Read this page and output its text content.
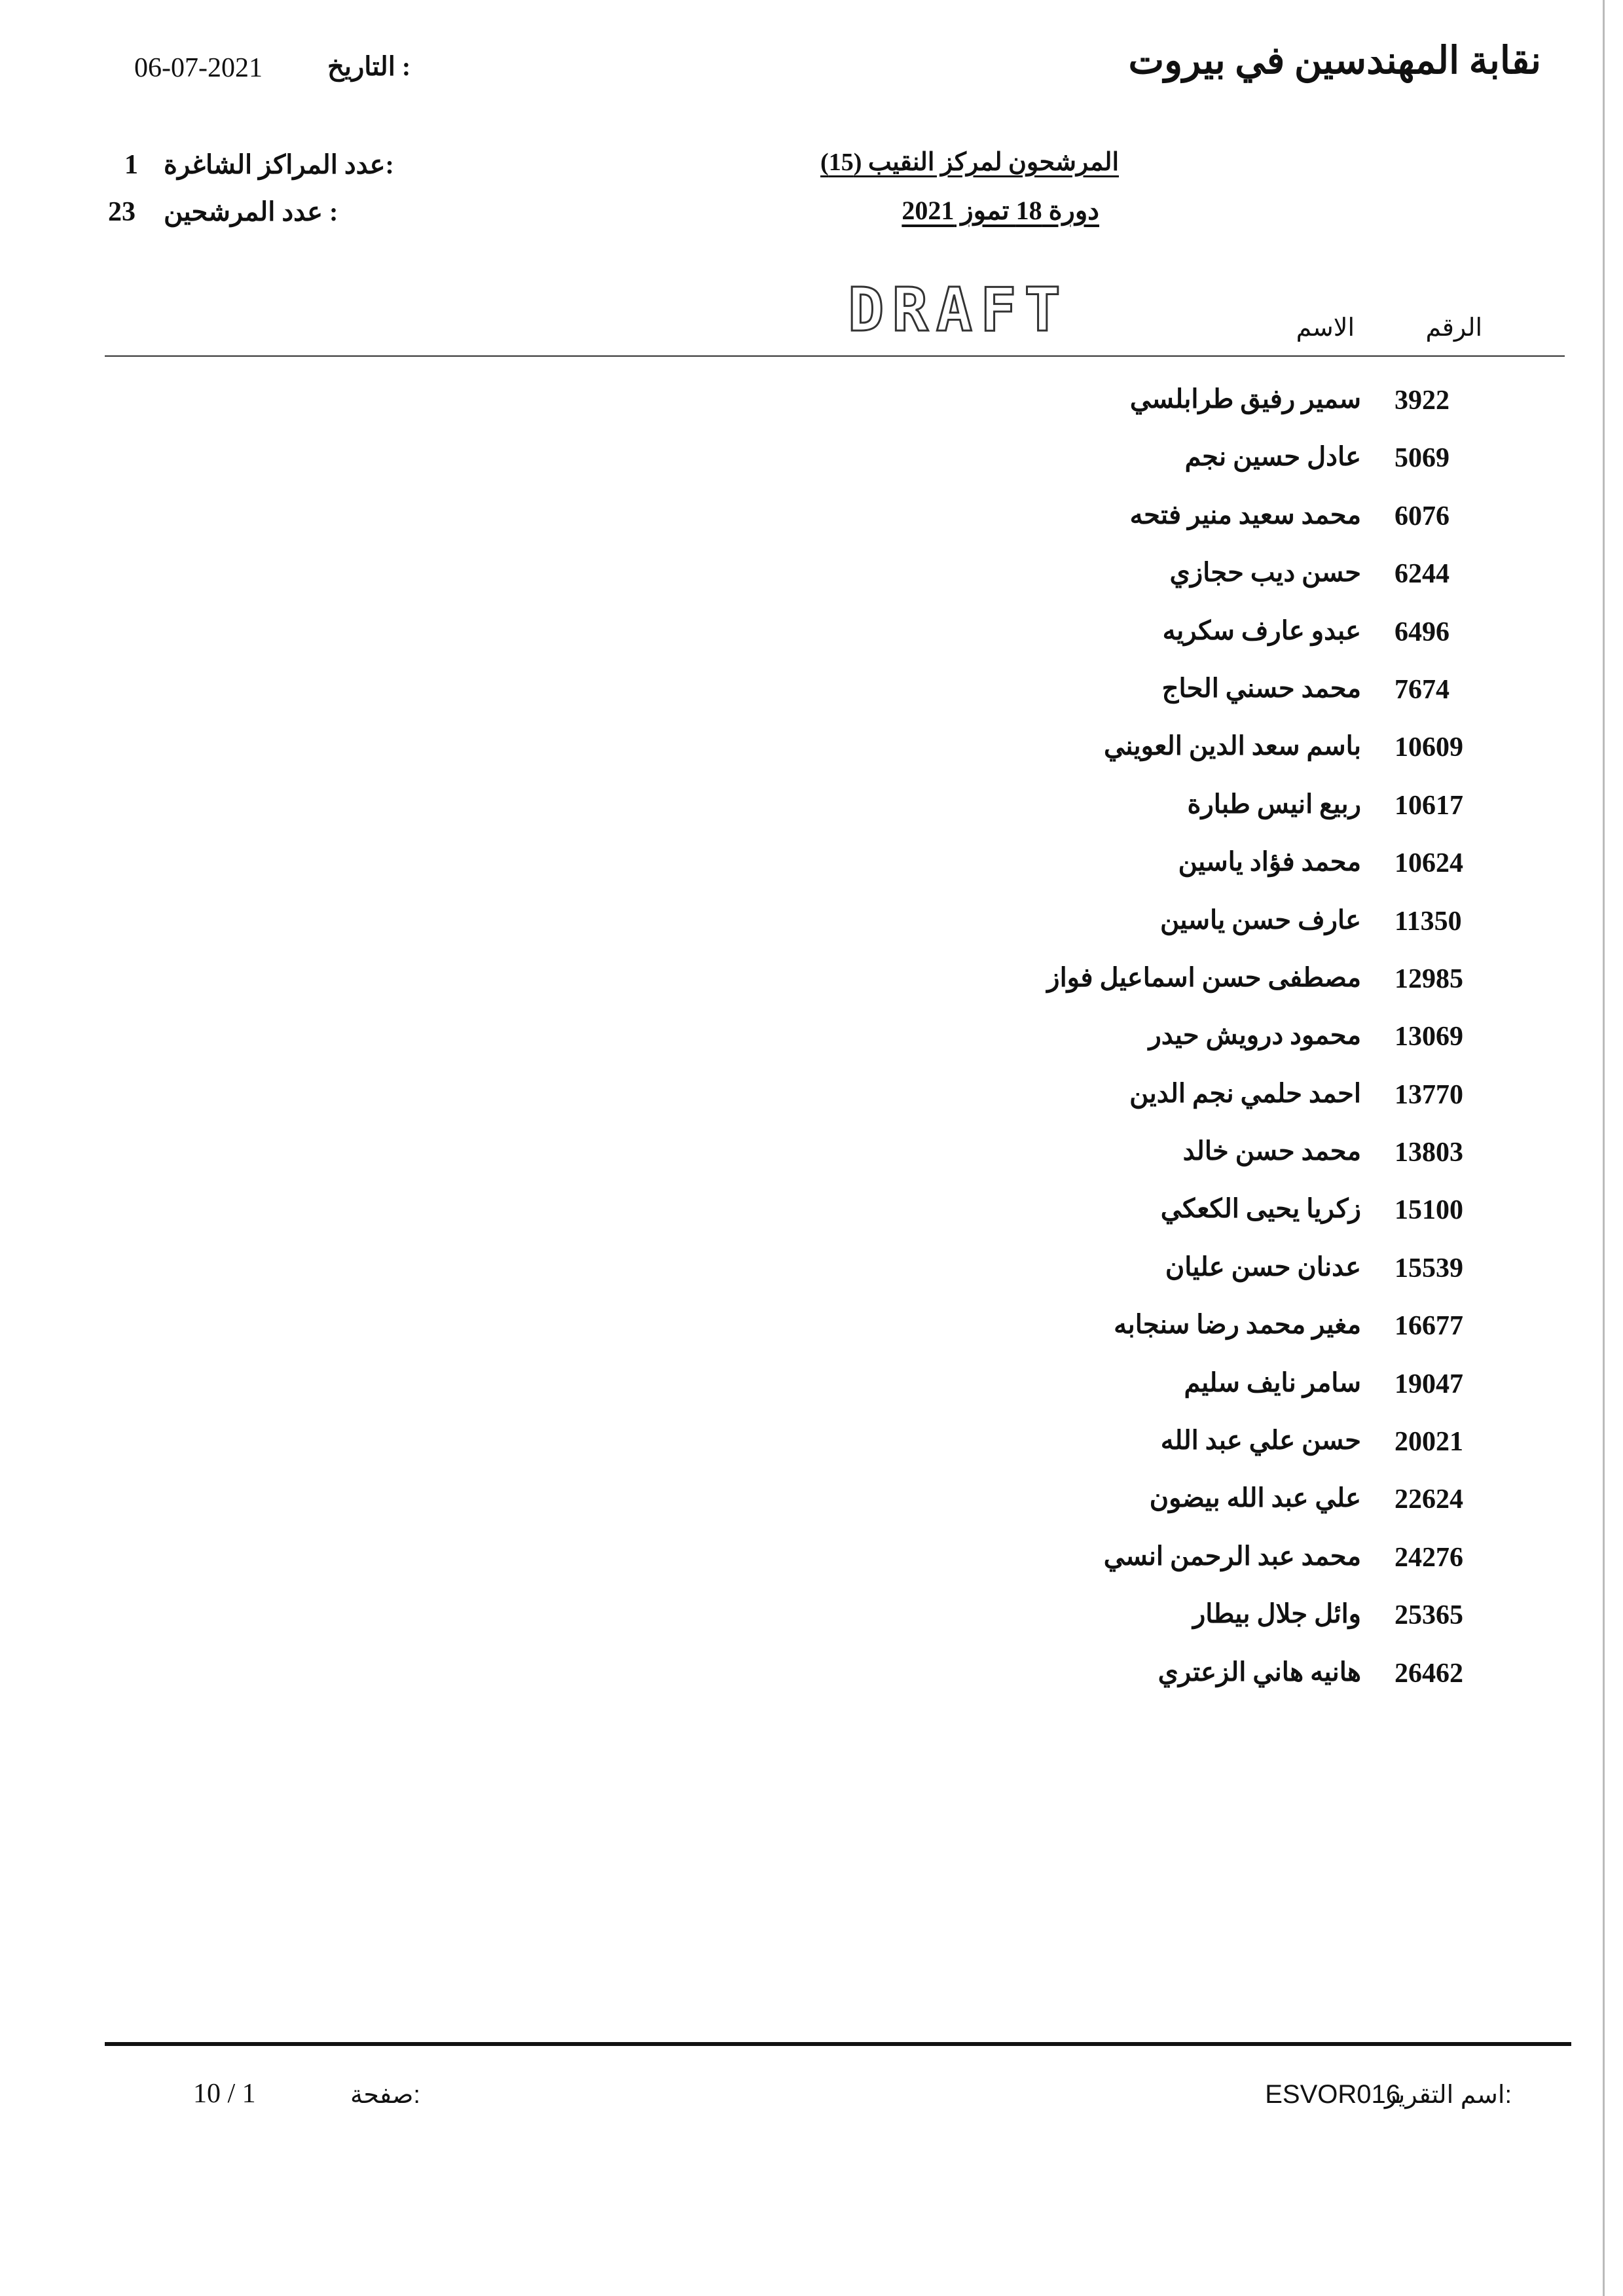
نقابة المهندسين في بيروت
التاريخ :
06-07-2021
عدد المراكز الشاغرة:
1
عدد المرشحين :
23
المرشحون لمركز النقيب (15)
دورة 18 تموز 2021
DRAFT	الرقم
الاسم
3922
سمير رفيق طرابلسي
5069
عادل حسين نجم
6076
محمد سعيد منير فتحه
6244
حسن ديب حجازي
6496
عبدو عارف سكريه
7674
محمد حسني الحاج
10609
باسم سعد الدين العويني
10617
ربيع انيس طبارة
10624
محمد فؤاد ياسين
11350
عارف حسن ياسين
12985
مصطفى حسن اسماعيل فواز
13069
محمود درويش حيدر
13770
احمد حلمي نجم الدين
13803
محمد حسن خالد
15100
زكريا يحيى الكعكي
15539
عدنان حسن عليان
16677
مغير محمد رضا سنجابه
19047
سامر نايف سليم
20021
حسن علي عبد الله
22624
علي عبد الله بيضون
24276
محمد عبد الرحمن انسي
25365
وائل جلال بيطار
26462
هانيه هاني الزعتري
اسم التقرير:
ESVOR016
صفحة:
10 / 1
